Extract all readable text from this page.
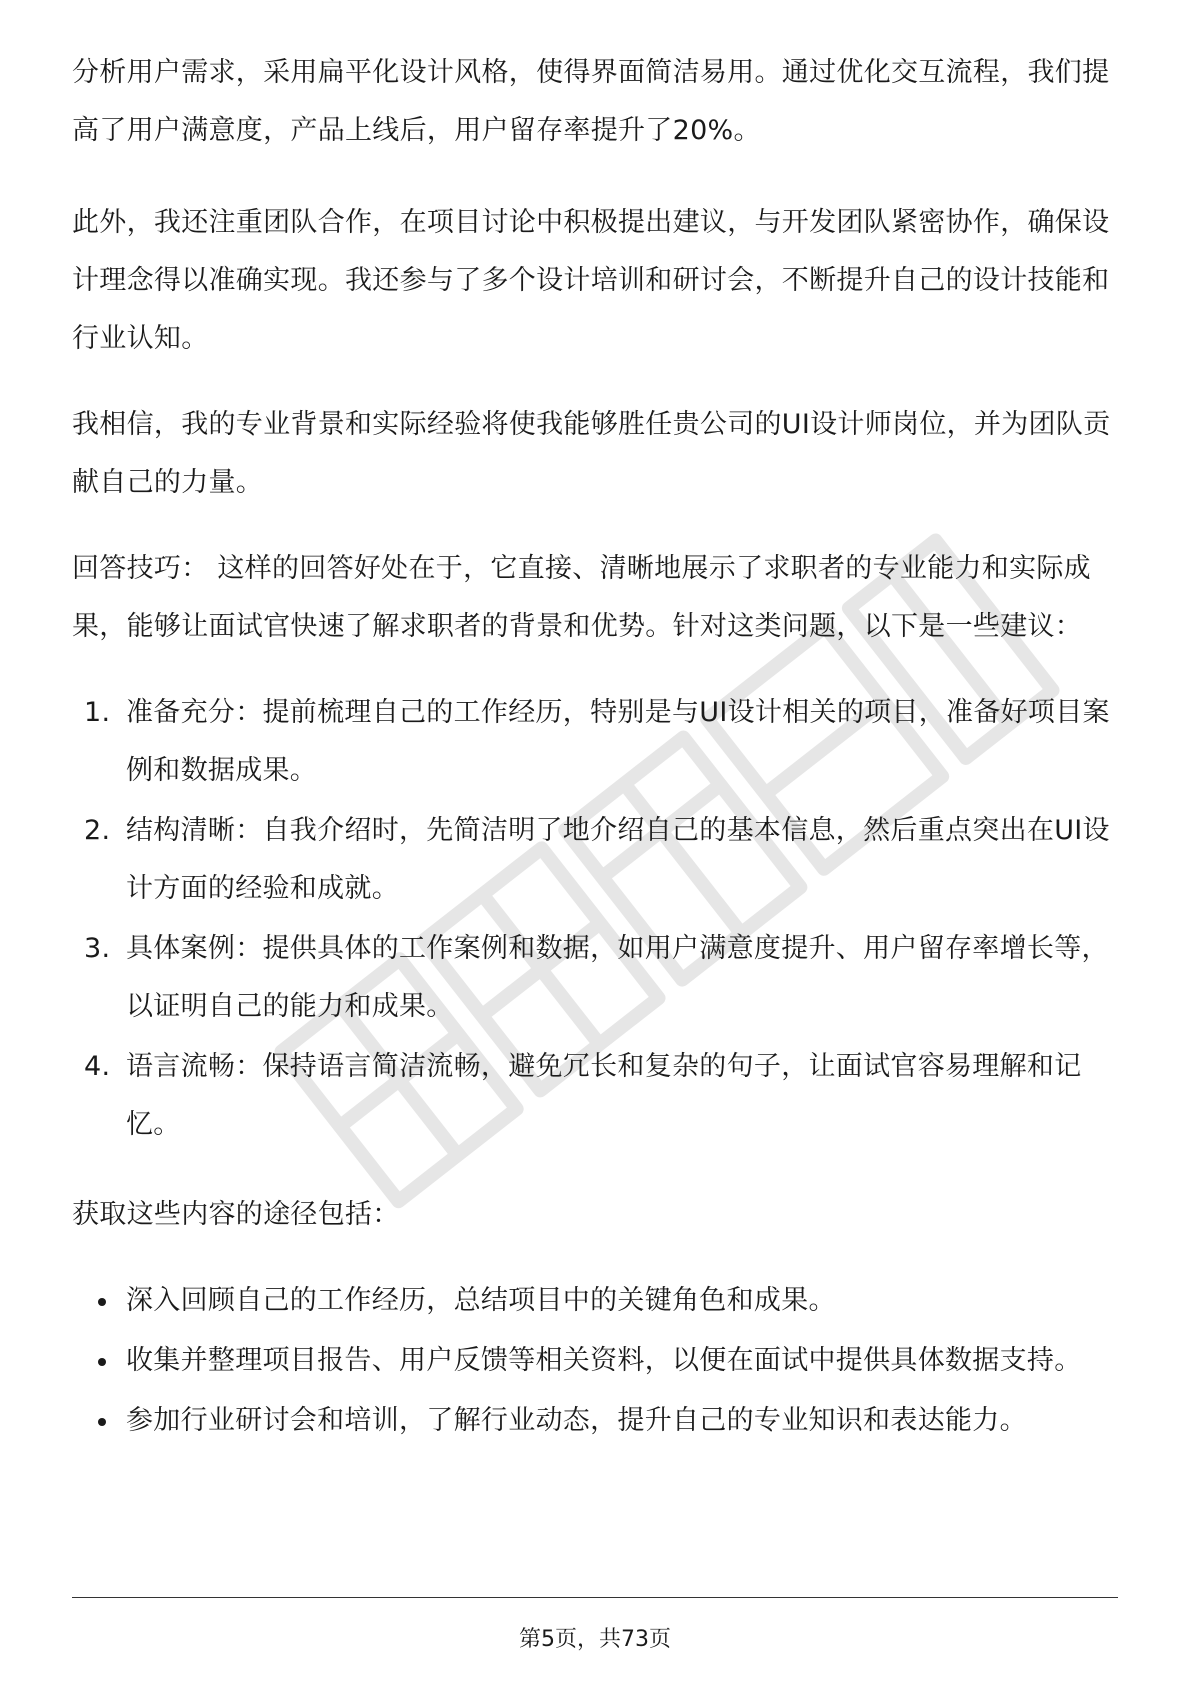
分析用户需求，采用扁平化设计风格，使得界面简洁易用。通过优化交互流程，我们提高了用户满意度，产品上线后，用户留存率提升了20%。

此外，我还注重团队合作，在项目讨论中积极提出建议，与开发团队紧密协作，确保设计理念得以准确实现。我还参与了多个设计培训和研讨会，不断提升自己的设计技能和行业认知。

我相信，我的专业背景和实际经验将使我能够胜任贵公司的UI设计师岗位，并为团队贡献自己的力量。

回答技巧： 这样的回答好处在于，它直接、清晰地展示了求职者的专业能力和实际成果，能够让面试官快速了解求职者的背景和优势。针对这类问题，以下是一些建议：

1. 准备充分：提前梳理自己的工作经历，特别是与UI设计相关的项目，准备好项目案例和数据成果。
2. 结构清晰：自我介绍时，先简洁明了地介绍自己的基本信息，然后重点突出在UI设计方面的经验和成就。
3. 具体案例：提供具体的工作案例和数据，如用户满意度提升、用户留存率增长等，以证明自己的能力和成果。
4. 语言流畅：保持语言简洁流畅，避免冗长和复杂的句子，让面试官容易理解和记忆。

获取这些内容的途径包括：

深入回顾自己的工作经历，总结项目中的关键角色和成果。
收集并整理项目报告、用户反馈等相关资料，以便在面试中提供具体数据支持。
参加行业研讨会和培训，了解行业动态，提升自己的专业知识和表达能力。
第5页，共73页
